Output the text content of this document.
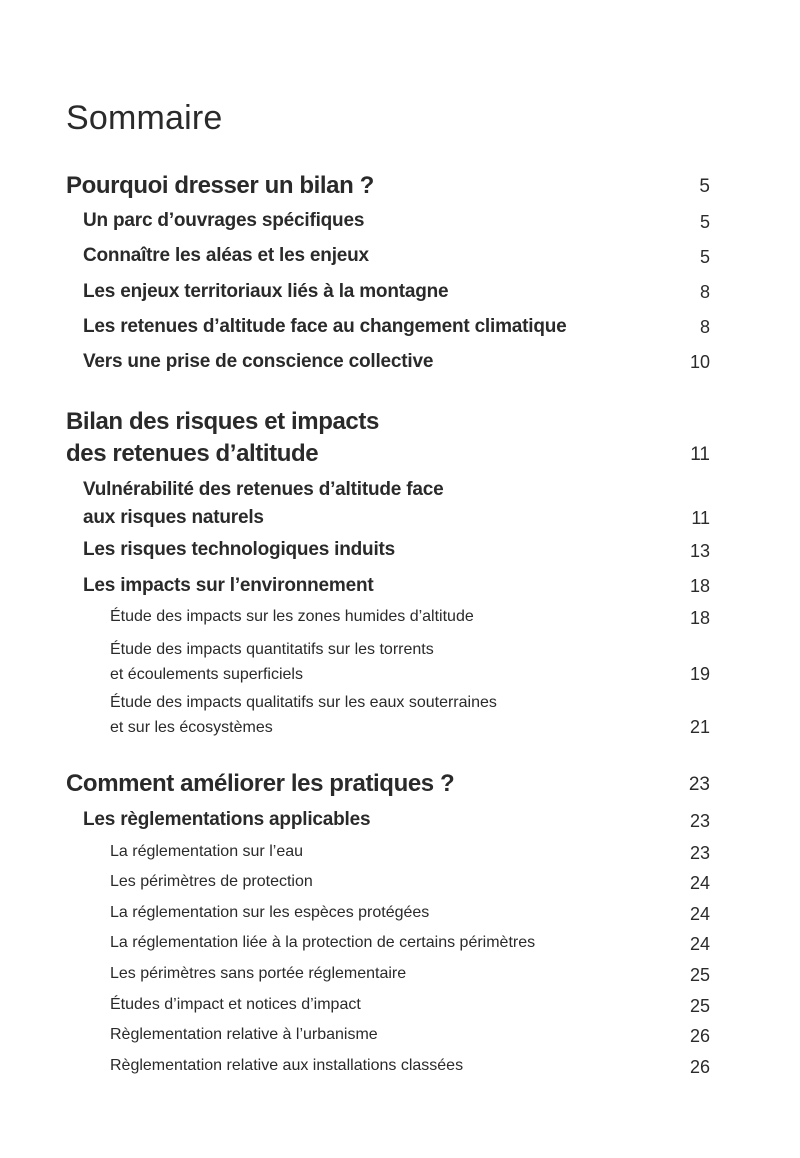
Sommaire
Pourquoi dresser un bilan ?	5
Un parc d’ouvrages spécifiques	5
Connaître les aléas et les enjeux	5
Les enjeux territoriaux liés à la montagne	8
Les retenues d’altitude face au changement climatique	8
Vers une prise de conscience collective	10
Bilan des risques et impacts
des retenues d’altitude	11
Vulnérabilité des retenues d’altitude face
aux risques naturels	11
Les risques technologiques induits	13
Les impacts sur l’environnement	18
Étude des impacts sur les zones humides d’altitude	18
Étude des impacts quantitatifs sur les torrents
et écoulements superficiels	19
Étude des impacts qualitatifs sur les eaux souterraines
et sur les écosystèmes	21
Comment améliorer les pratiques ?	23
Les règlementations applicables	23
La réglementation sur l’eau	23
Les périmètres de protection	24
La réglementation sur les espèces protégées	24
La réglementation liée à la protection de certains périmètres	24
Les périmètres sans portée réglementaire	25
Études d’impact et notices d’impact	25
Règlementation relative à l’urbanisme	26
Règlementation relative aux installations classées	26
